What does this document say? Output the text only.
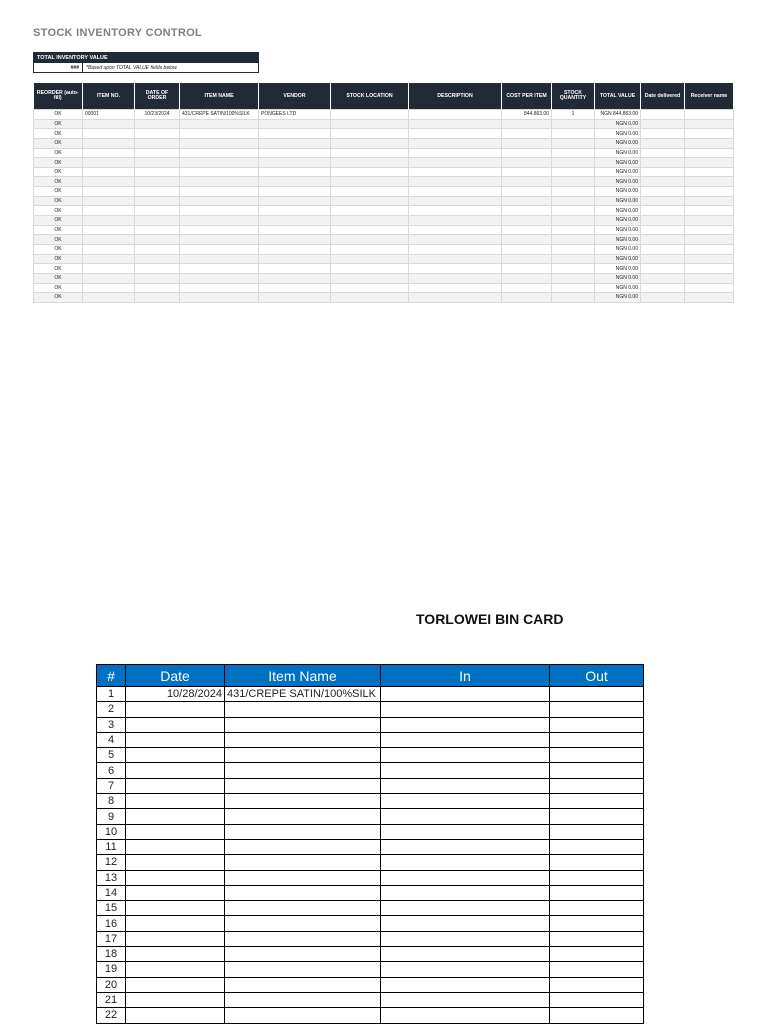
STOCK INVENTORY CONTROL
TOTAL INVENTORY VALUE
###	*Based upon TOTAL VALUE fields below.
REORDER (auto-fill)	ITEM NO.	DATE OF ORDER	ITEM NAME	VENDOR	STOCK LOCATION	DESCRIPTION	COST PER ITEM	STOCK QUANTITY	TOTAL VALUE	Date delivered	Receiver name
OK	00001	10/23/2024	431/CREPE SATIN/100%SILK	PONGEES LTD			844,863.00	1	NGN 844,863.00		
OK									NGN 0.00		
OK									NGN 0.00		
OK									NGN 0.00		
OK									NGN 0.00		
OK									NGN 0.00		
OK									NGN 0.00		
OK									NGN 0.00		
OK									NGN 0.00		
OK									NGN 0.00		
OK									NGN 0.00		
OK									NGN 0.00		
OK									NGN 0.00		
OK									NGN 0.00		
OK									NGN 0.00		
OK									NGN 0.00		
OK									NGN 0.00		
OK									NGN 0.00		
OK									NGN 0.00		
OK									NGN 0.00		
TORLOWEI BIN CARD
#	Date	Item Name	In	Out
1	10/28/2024	431/CREPE SATIN/100%SILK		
2				
3				
4				
5				
6				
7				
8				
9				
10				
11				
12				
13				
14				
15				
16				
17				
18				
19				
20				
21				
22				
